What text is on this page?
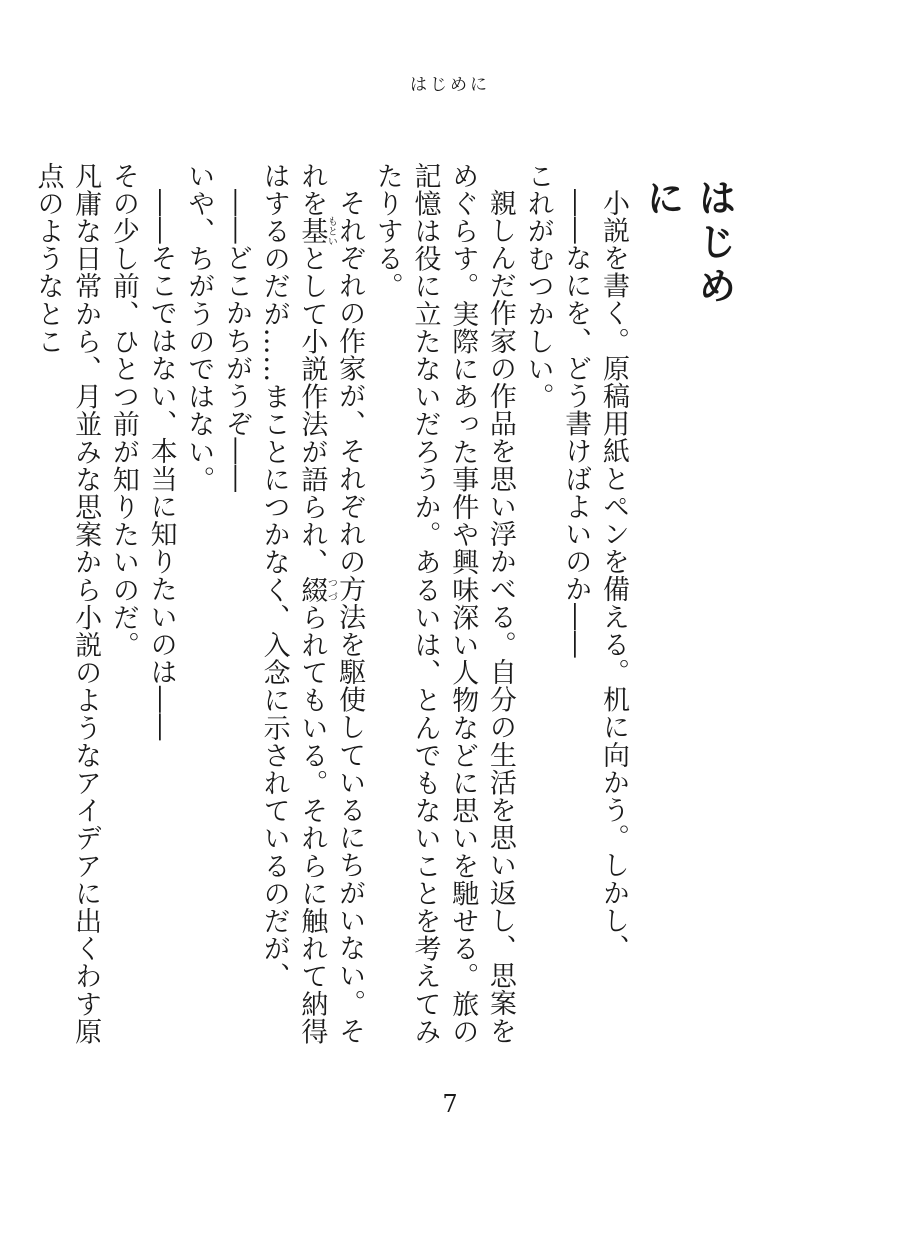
はじめに
はじめに

小説を書く。原稿用紙とペンを備える。机に向かう。しかし、

――なにを、どう書けばよいのか――

これがむつかしい。

親しんだ作家の作品を思い浮かべる。自分の生活を思い返し、思案をめぐらす。実際にあった事件や興味深い人物などに思いを馳せる。旅の記憶は役に立たないだろうか。あるいは、とんでもないことを考えてみたりする。

それぞれの作家が、それぞれの方法を駆使しているにちがいない。それを基もといとして小説作法が語られ、綴つづられてもいる。それらに触れて納得はするのだが……まことにつかなく、入念に示されているのだが、

――どこかちがうぞ――

いや、ちがうのではない。

――そこではない、本当に知りたいのは――

その少し前、ひとつ前が知りたいのだ。

凡庸な日常から、月並みな思案から小説のようなアイデアに出くわす原点のようなとこ

7
